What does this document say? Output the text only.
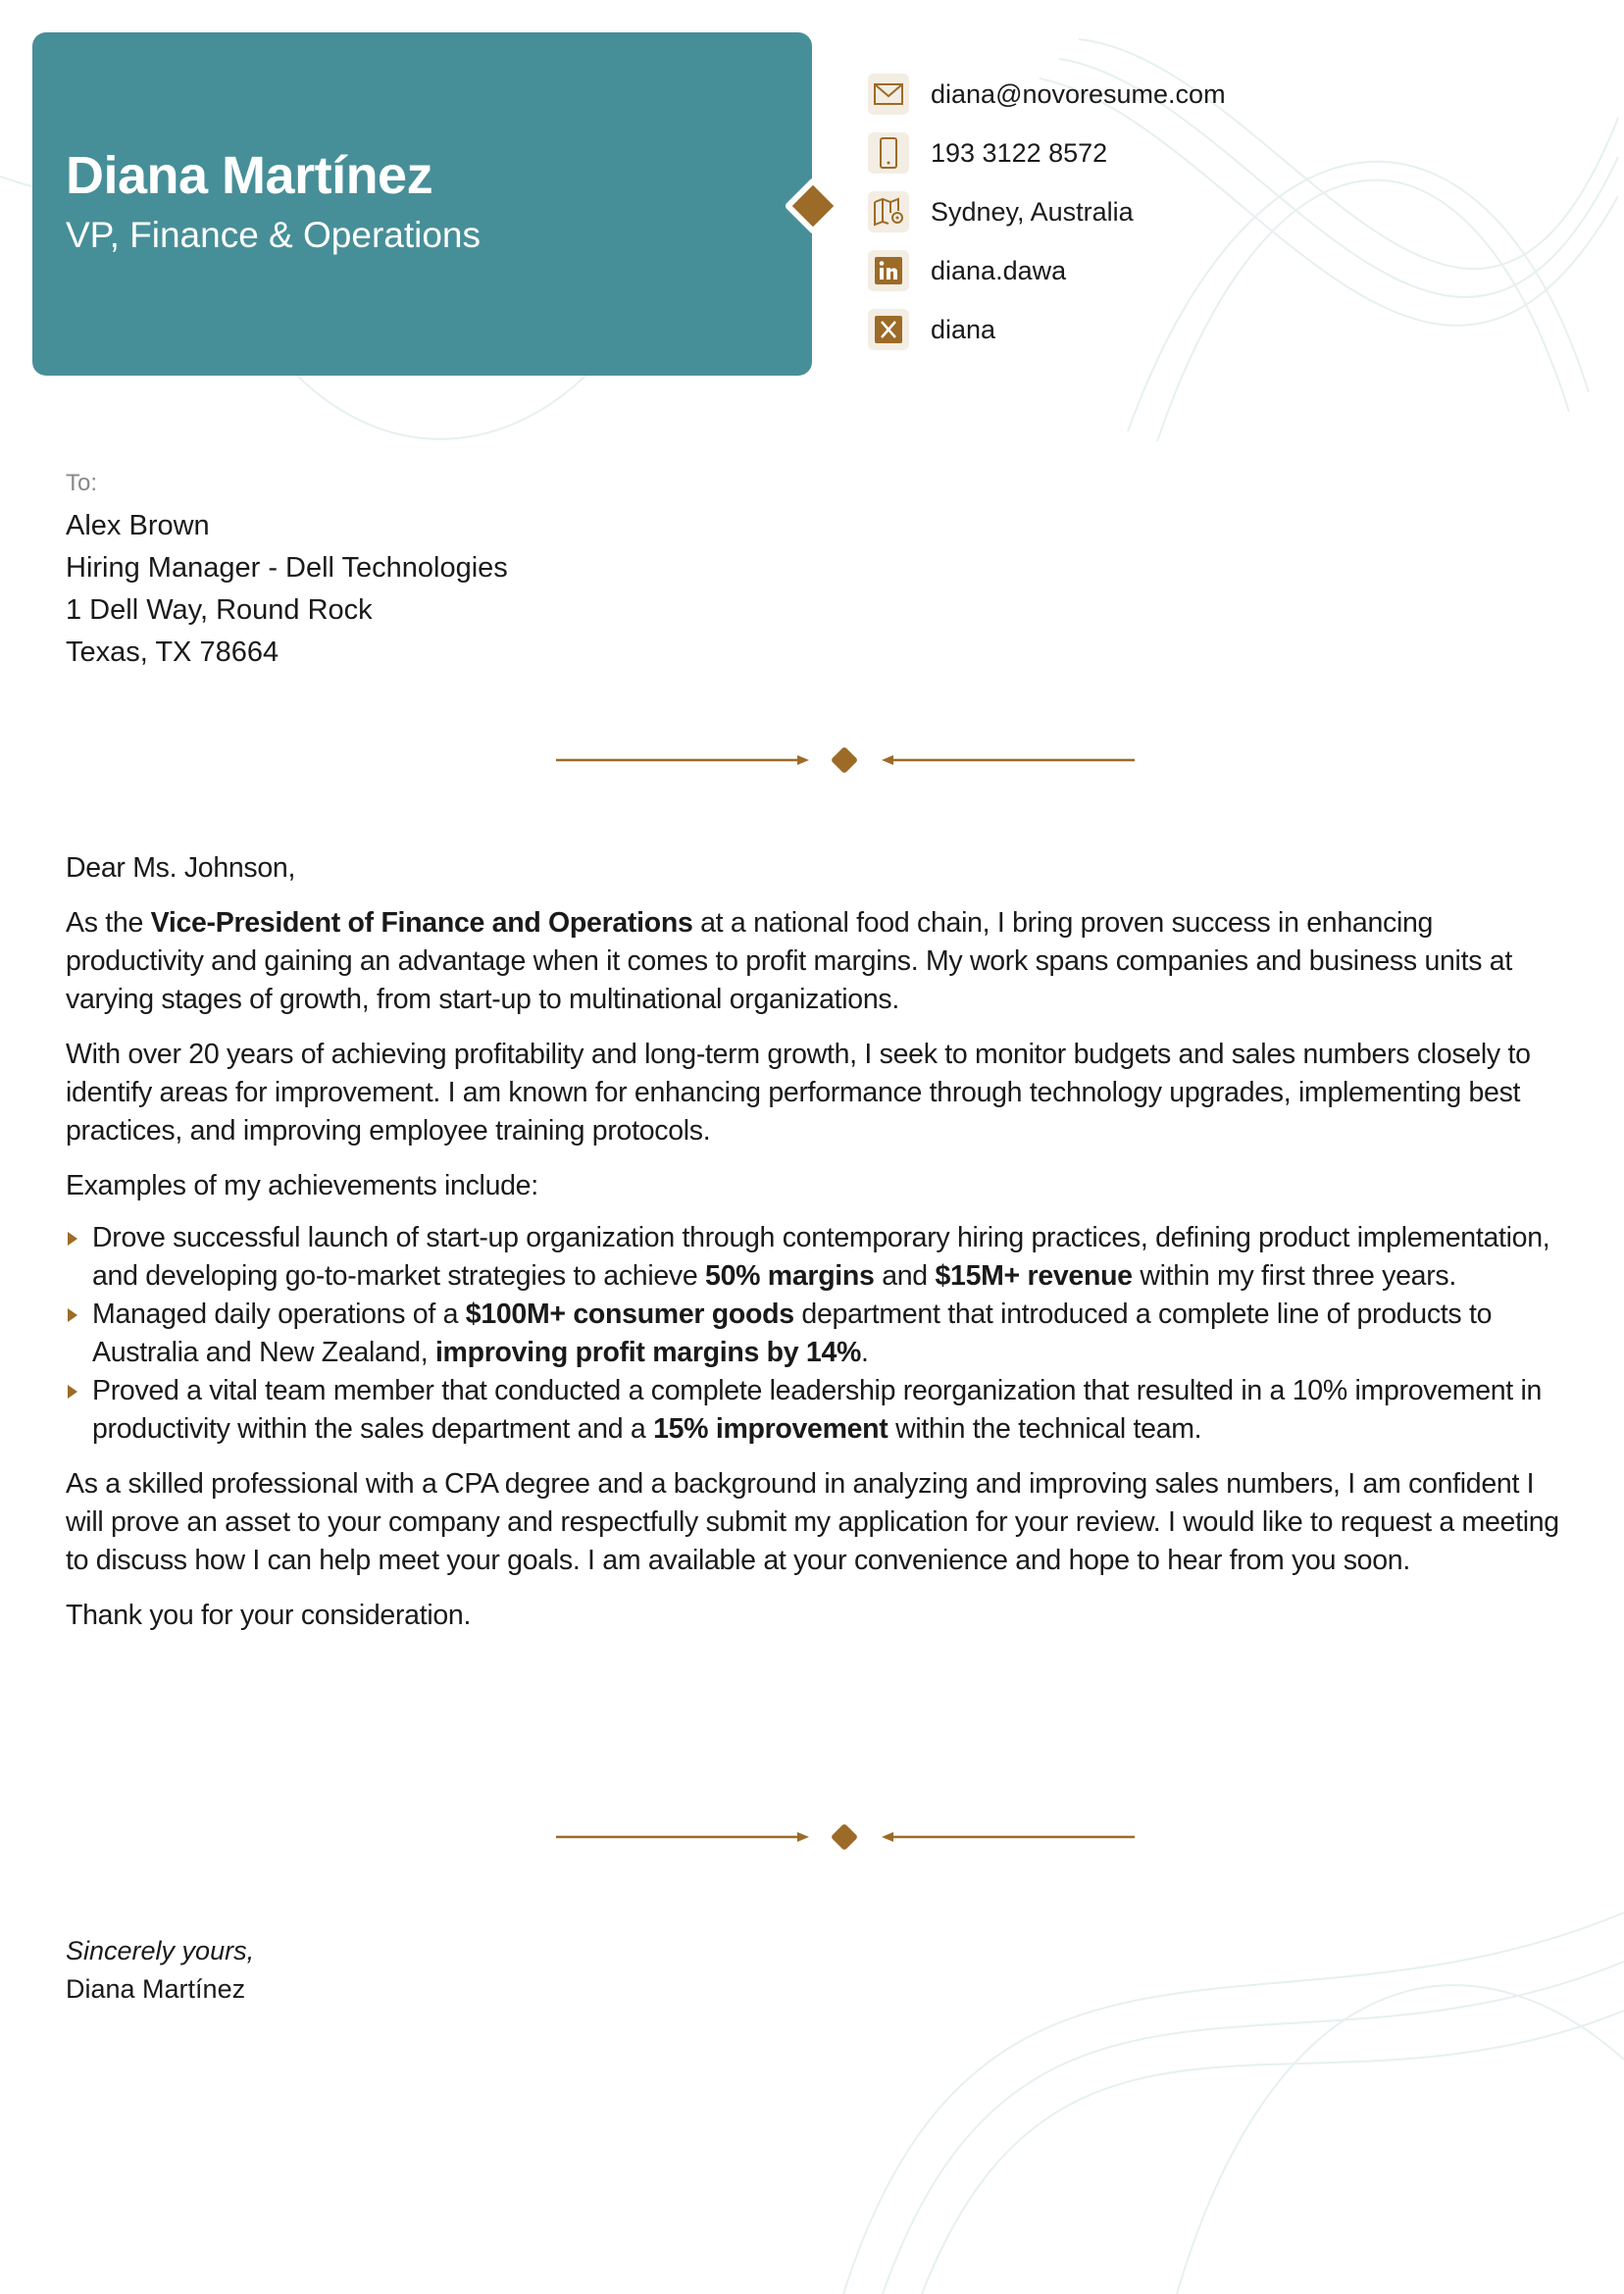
Diana Martínez
VP, Finance & Operations
diana@novoresume.com
193 3122 8572
Sydney, Australia
diana.dawa
diana
To:
Alex Brown
Hiring Manager - Dell Technologies
1 Dell Way, Round Rock
Texas, TX 78664

Dear Ms. Johnson,

As the Vice-President of Finance and Operations at a national food chain, I bring proven success in enhancing productivity and gaining an advantage when it comes to profit margins. My work spans companies and business units at varying stages of growth, from start-up to multinational organizations.

With over 20 years of achieving profitability and long-term growth, I seek to monitor budgets and sales numbers closely to identify areas for improvement. I am known for enhancing performance through technology upgrades, implementing best practices, and improving employee training protocols.

Examples of my achievements include:

Drove successful launch of start-up organization through contemporary hiring practices, defining product implementation, and developing go-to-market strategies to achieve 50% margins and $15M+ revenue within my first three years.
Managed daily operations of a $100M+ consumer goods department that introduced a complete line of products to Australia and New Zealand, improving profit margins by 14%.
Proved a vital team member that conducted a complete leadership reorganization that resulted in a 10% improvement in productivity within the sales department and a 15% improvement within the technical team.

As a skilled professional with a CPA degree and a background in analyzing and improving sales numbers, I am confident I will prove an asset to your company and respectfully submit my application for your review. I would like to request a meeting to discuss how I can help meet your goals. I am available at your convenience and hope to hear from you soon.

Thank you for your consideration.

Sincerely yours,
Diana Martínez
